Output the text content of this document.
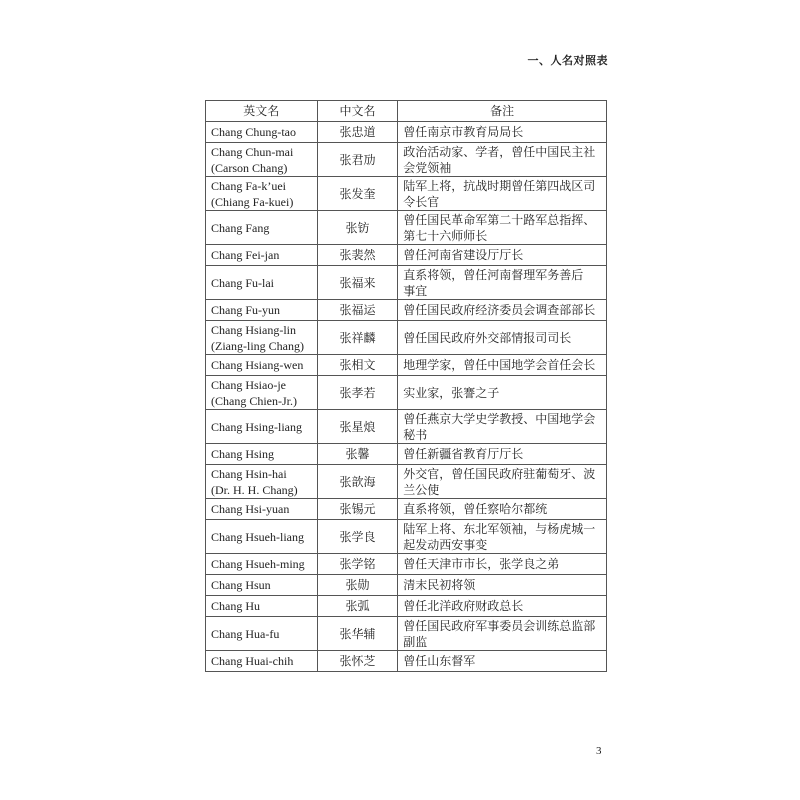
一、人名对照表
英文名	中文名	备注

Chang Chung-tao	张忠道	曾任南京市教育局局长

Chang Chun-mai
(Carson Chang)	张君劢	政治活动家、学者，曾任中国民主社
会党领袖

Chang Fa-k’uei
(Chiang Fa-kuei)	张发奎	陆军上将，抗战时期曾任第四战区司
令长官

Chang Fang	张钫	曾任国民革命军第二十路军总指挥、
第七十六师师长

Chang Fei-jan	张裴然	曾任河南省建设厅厅长

Chang Fu-lai	张福来	直系将领，曾任河南督理军务善后
事宜

Chang Fu-yun	张福运	曾任国民政府经济委员会调查部部长

Chang Hsiang-lin
(Ziang-ling Chang)	张祥麟	曾任国民政府外交部情报司司长

Chang Hsiang-wen	张相文	地理学家，曾任中国地学会首任会长

Chang Hsiao-je
(Chang Chien-Jr.)	张孝若	实业家，张謇之子

Chang Hsing-liang	张星烺	曾任燕京大学史学教授、中国地学会
秘书

Chang Hsing	张馨	曾任新疆省教育厅厅长

Chang Hsin-hai
(Dr. H. H. Chang)	张歆海	外交官，曾任国民政府驻葡萄牙、波
兰公使

Chang Hsi-yuan	张锡元	直系将领，曾任察哈尔都统

Chang Hsueh-liang	张学良	陆军上将、东北军领袖，与杨虎城一
起发动西安事变

Chang Hsueh-ming	张学铭	曾任天津市市长，张学良之弟

Chang Hsun	张勋	清末民初将领

Chang Hu	张弧	曾任北洋政府财政总长

Chang Hua-fu	张华辅	曾任国民政府军事委员会训练总监部
副监

Chang Huai-chih	张怀芝	曾任山东督军
3
